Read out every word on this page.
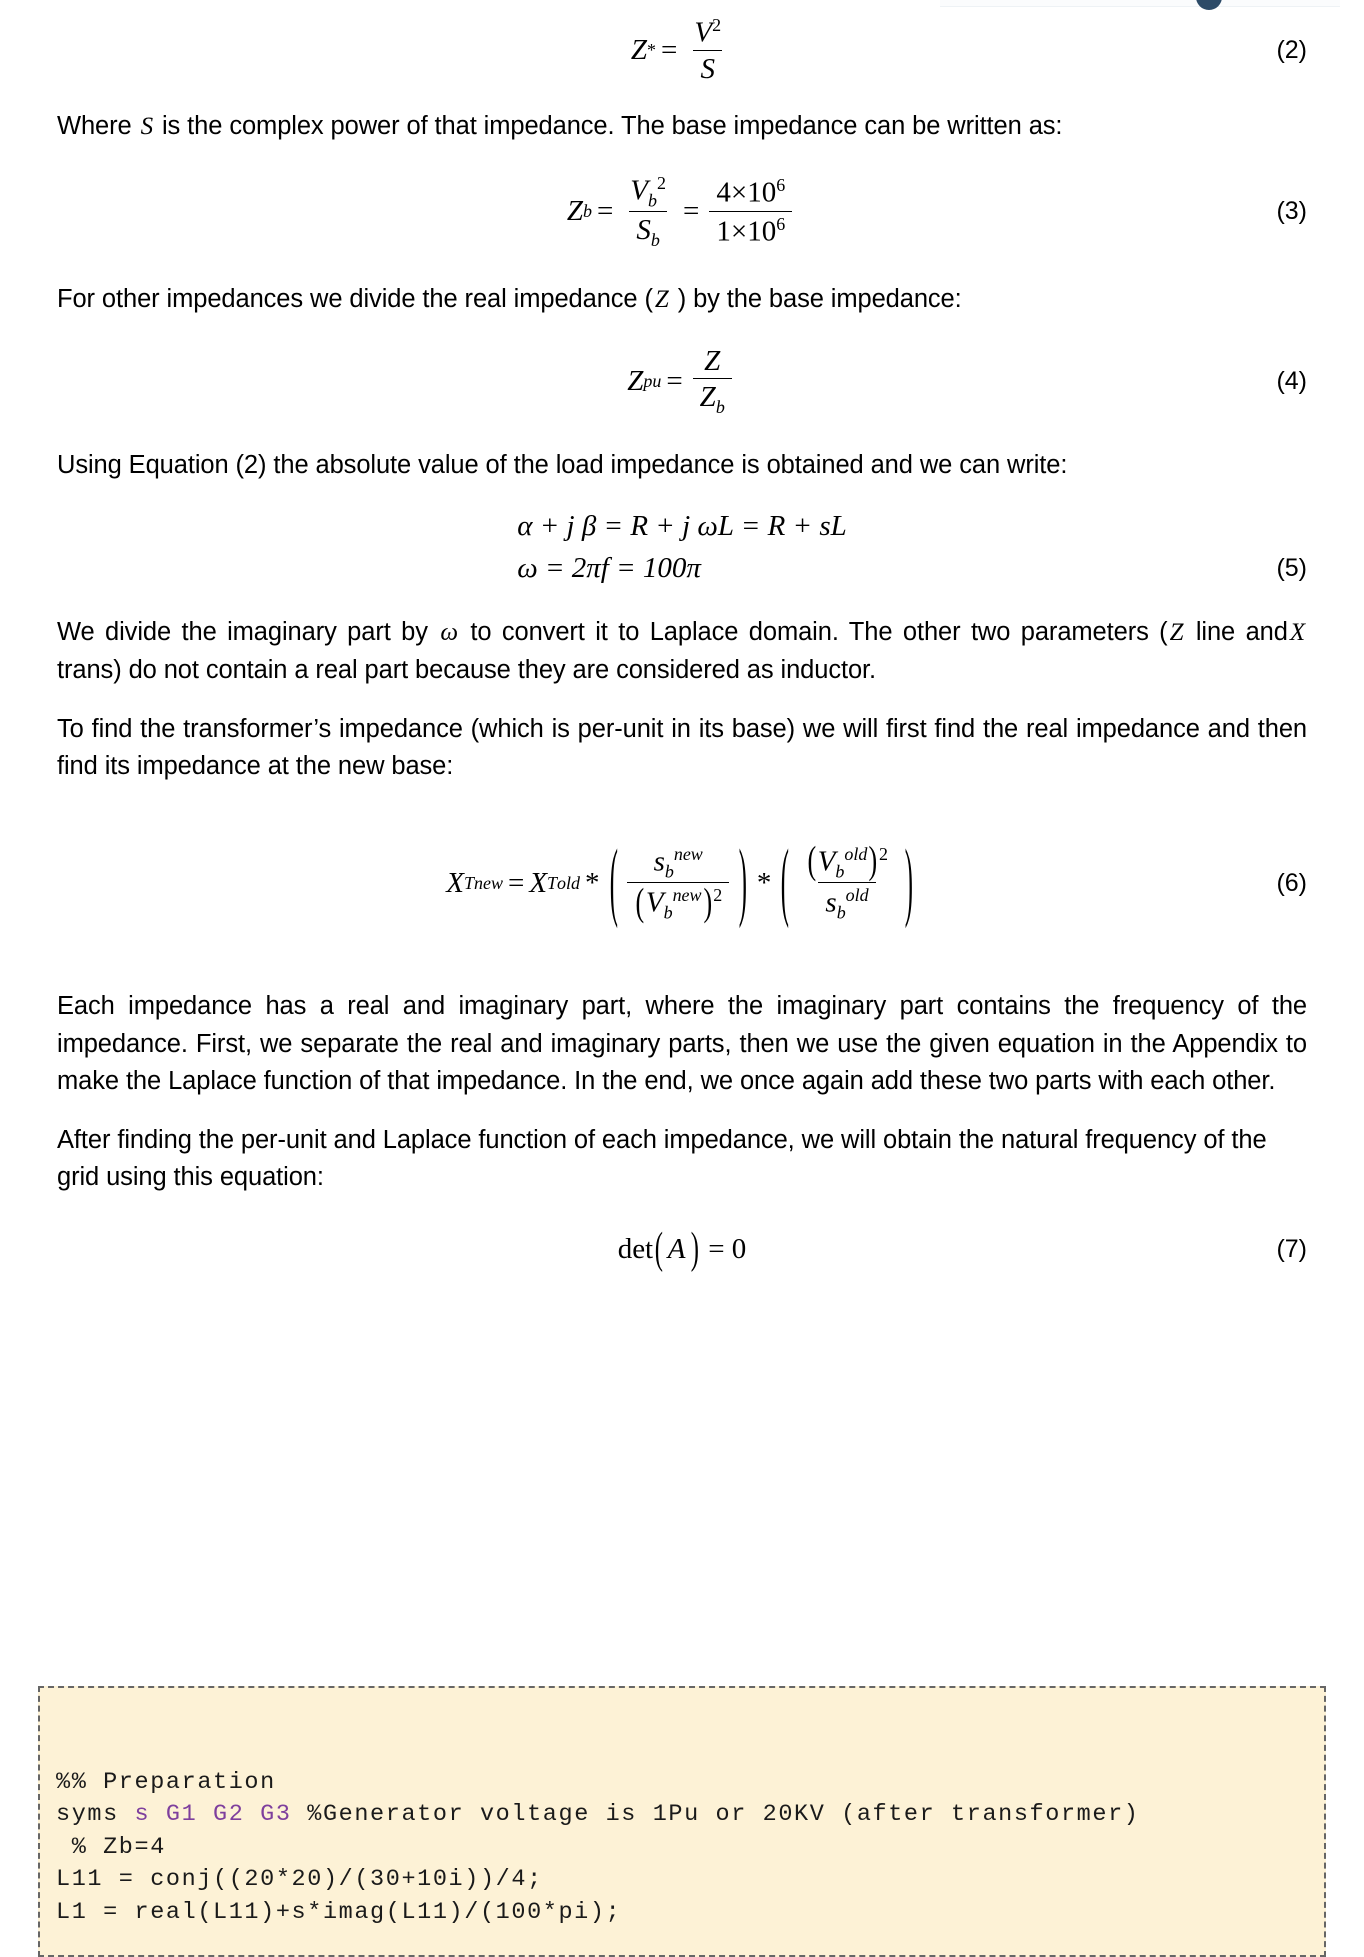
Z * = $\frac{V^2}{S}$	(2)

Where S is the complex power of that impedance. The base impedance can be written as:

Z $b = \frac{V_b^2}{S_b} = \frac{4\times 10^6}{1\times 10^6}$	(3)

For other impedances we divide the real impedance (Z ) by the base impedance:

Z pu = $\frac{Z}{Z_b}$	(4)

Using Equation (2) the absolute value of the load impedance is obtained and we can write:

α + j β = R + j ωL = R + sL
ω = 2πf = 100π	(5)

We divide the imaginary part by ω to convert it to Laplace domain. The other two parameters (Z line andX trans) do not contain a real part because they are considered as inductor.

To find the transformer’s impedance (which is per-unit in its base) we will first find the real impedance and then find its impedance at the new base:

X T new = X T old * ( $\frac{s_b^{new}}{(V_b^{new})^2}$ ) * ( $\frac{(V_b^{old})^2}{s_b^{old}}$ )	(6)

Each impedance has a real and imaginary part, where the imaginary part contains the frequency of the impedance. First, we separate the real and imaginary parts, then we use the given equation in the Appendix to make the Laplace function of that impedance. In the end, we once again add these two parts with each other.

After finding the per-unit and Laplace function of each impedance, we will obtain the natural frequency of the grid using this equation:

det ( A ) = 0	(7)

%% Preparation
syms s G1 G2 G3 %Generator voltage is 1Pu or 20KV (after transformer)
% Zb=4
L11 = conj((20*20)/(30+10i))/4;
L1 = real(L11)+s*imag(L11)/(100*pi);
